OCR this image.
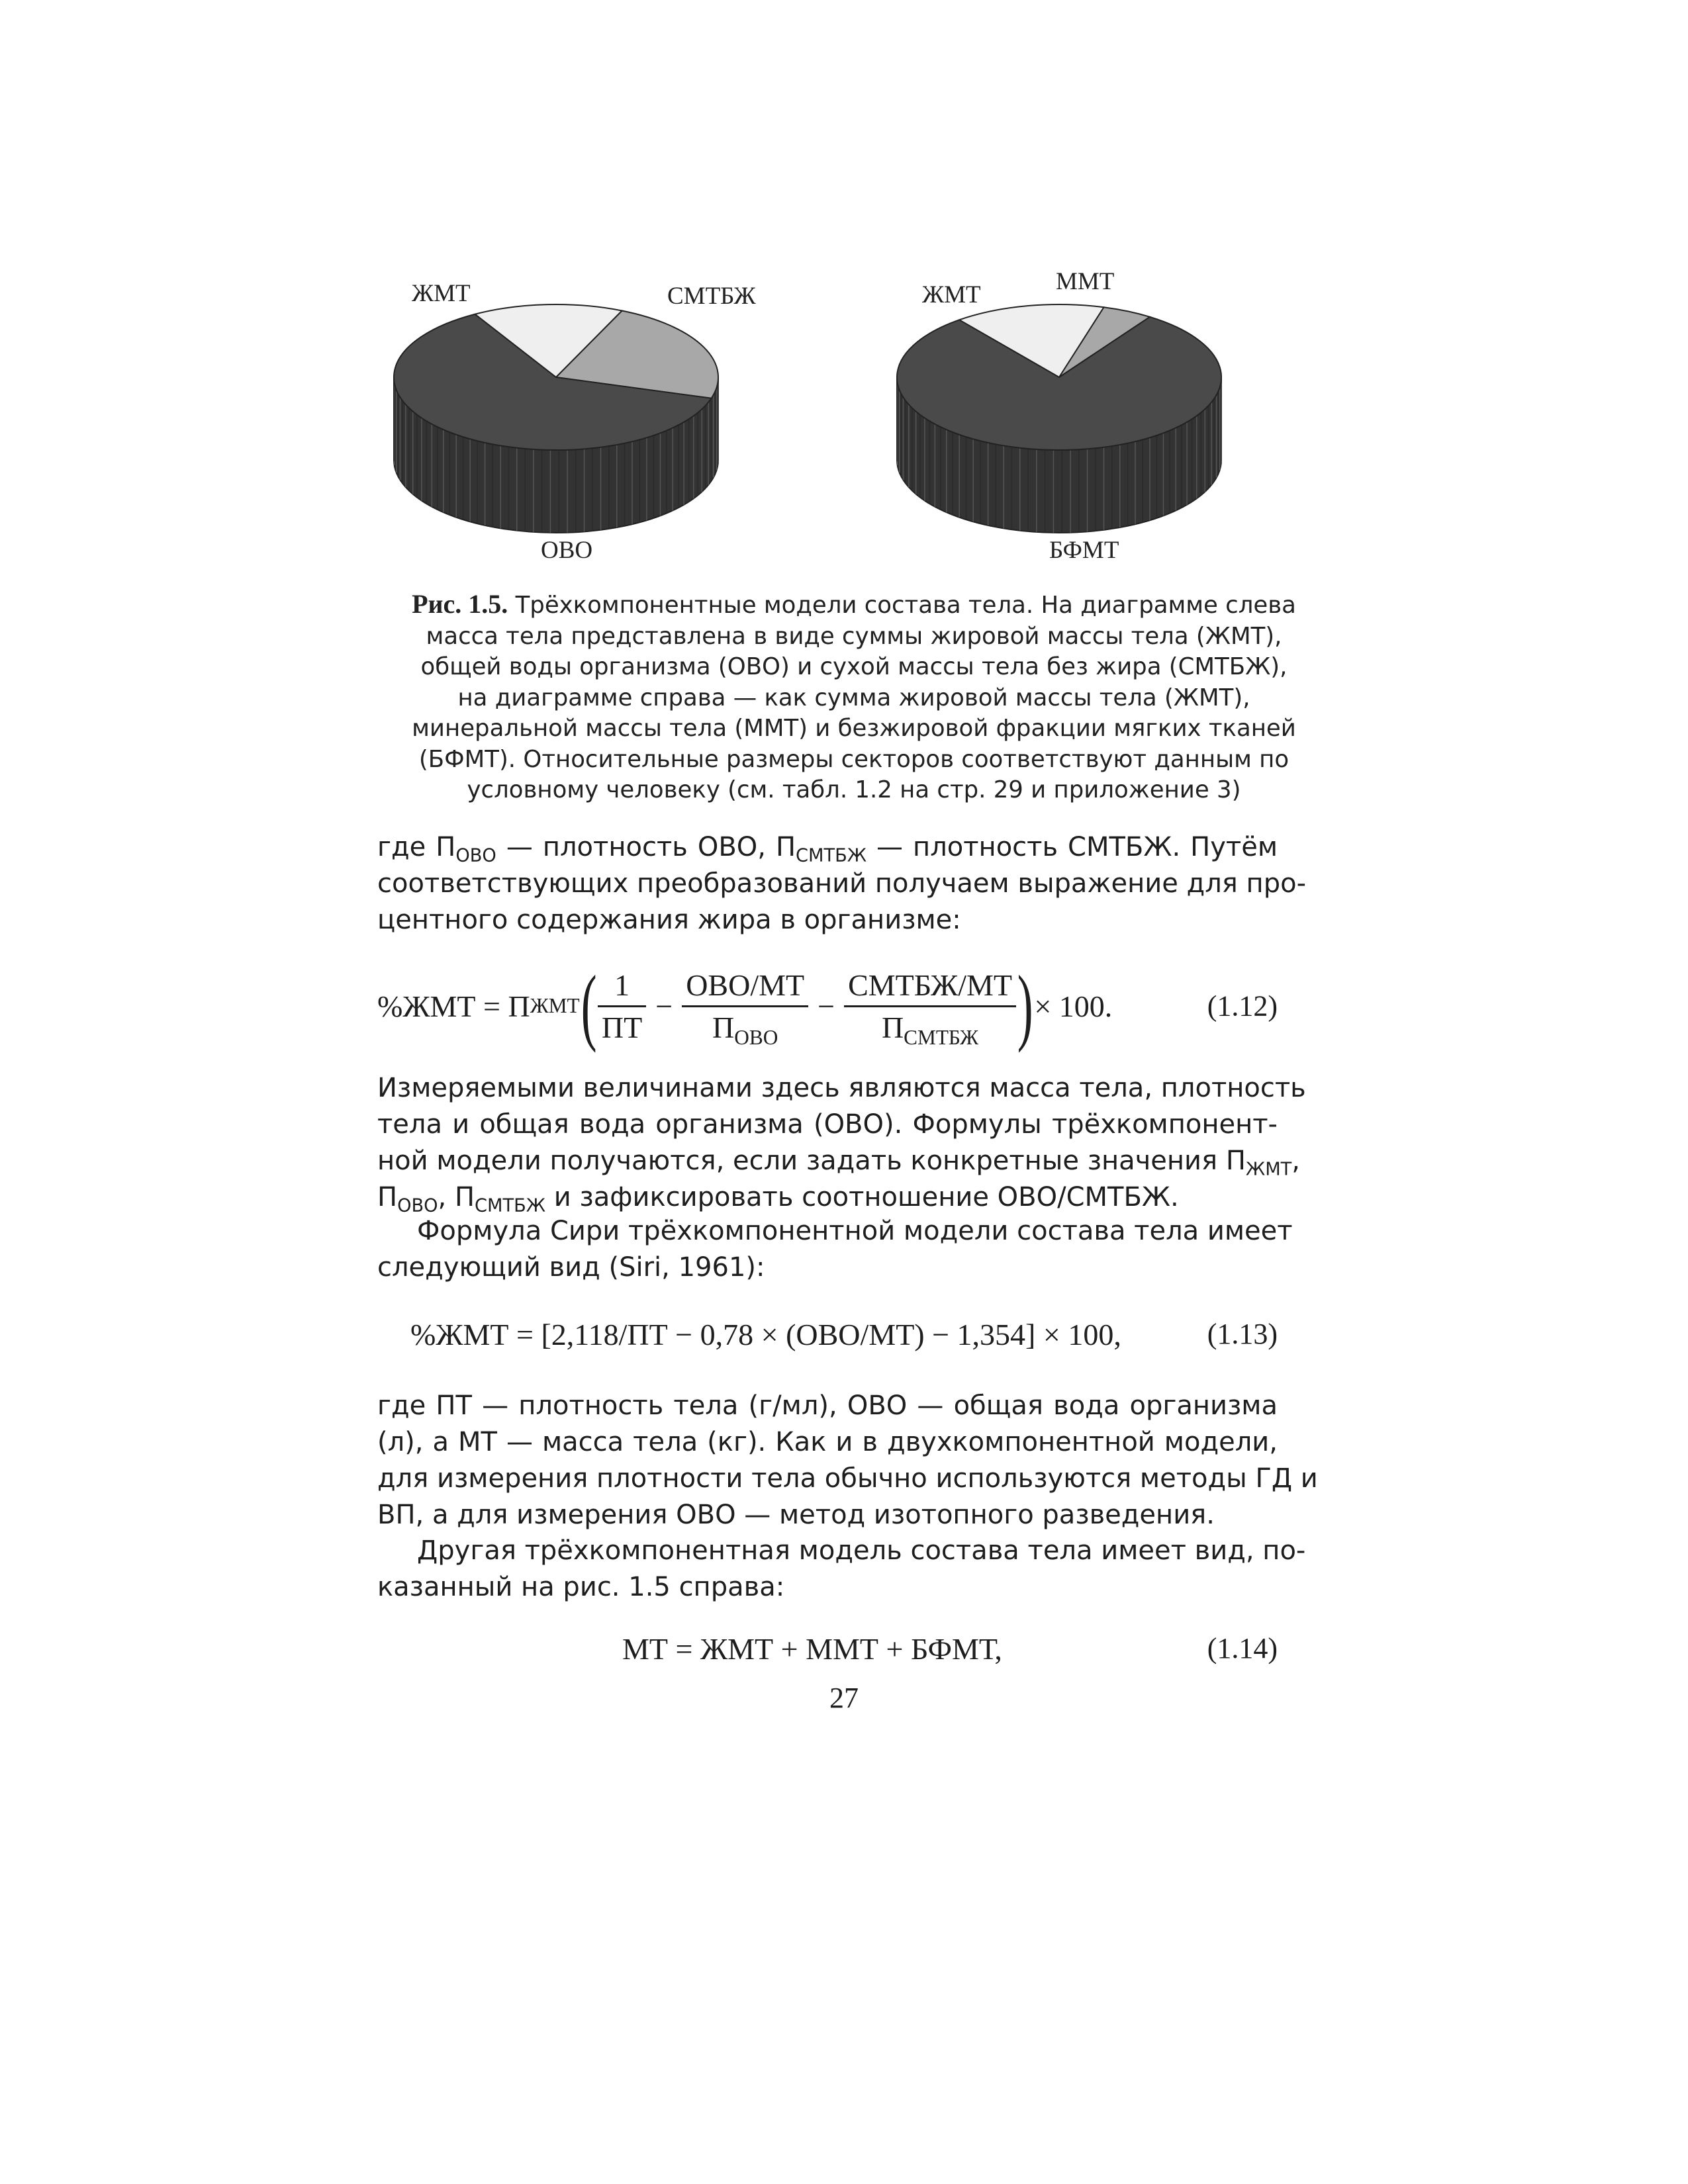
ЖМТ	СМТБЖ
ОВО
ЖМТ	ММТ
БФМТ
Рис. 1.5. Трёхкомпонентные модели состава тела. На диаграмме слева
масса тела представлена в виде суммы жировой массы тела (ЖМТ),
общей воды организма (ОВО) и сухой массы тела без жира (СМТБЖ),
на диаграмме справа — как сумма жировой массы тела (ЖМТ),
минеральной массы тела (ММТ) и безжировой фракции мягких тканей
(БФМТ). Относительные размеры секторов соответствуют данным по
условному человеку (см. табл. 1.2 на стр. 29 и приложение 3)
где $П_{ОВО}$ — плотность ОВО, $П_{СМТБЖ}$ — плотность СМТБЖ. Путём
соответствующих преобразований получаем выражение для про-
центного содержания жира в организме:
%ЖМТ = П ЖМТ ( $\frac{1}{ПТ} - \frac{\text{ОВО/МТ}}{П_{ОВО}} - \frac{\text{СМТБЖ/МТ}}{П_{СМТБЖ}}$ ) × 100.	(1.12)
Измеряемыми величинами здесь являются масса тела, плотность
тела и общая вода организма (ОВО). Формулы трёхкомпонент-
ной модели получаются, если задать конкретные значения $П_{ЖМТ}$,
$П_{ОВО}$, $П_{СМТБЖ}$ и зафиксировать соотношение ОВО/СМТБЖ.
Формула Сири трёхкомпонентной модели состава тела имеет
следующий вид (Siri, 1961):
%ЖМТ = [2,118/ПТ − 0,78 × (ОВО/МТ) − 1,354] × 100,	(1.13)
где ПТ — плотность тела (г/мл), ОВО — общая вода организма
(л), а МТ — масса тела (кг). Как и в двухкомпонентной модели,
для измерения плотности тела обычно используются методы ГД и
ВП, а для измерения ОВО — метод изотопного разведения.
Другая трёхкомпонентная модель состава тела имеет вид, по-
казанный на рис. 1.5 справа:
МТ = ЖМТ + ММТ + БФМТ,	(1.14)
27
